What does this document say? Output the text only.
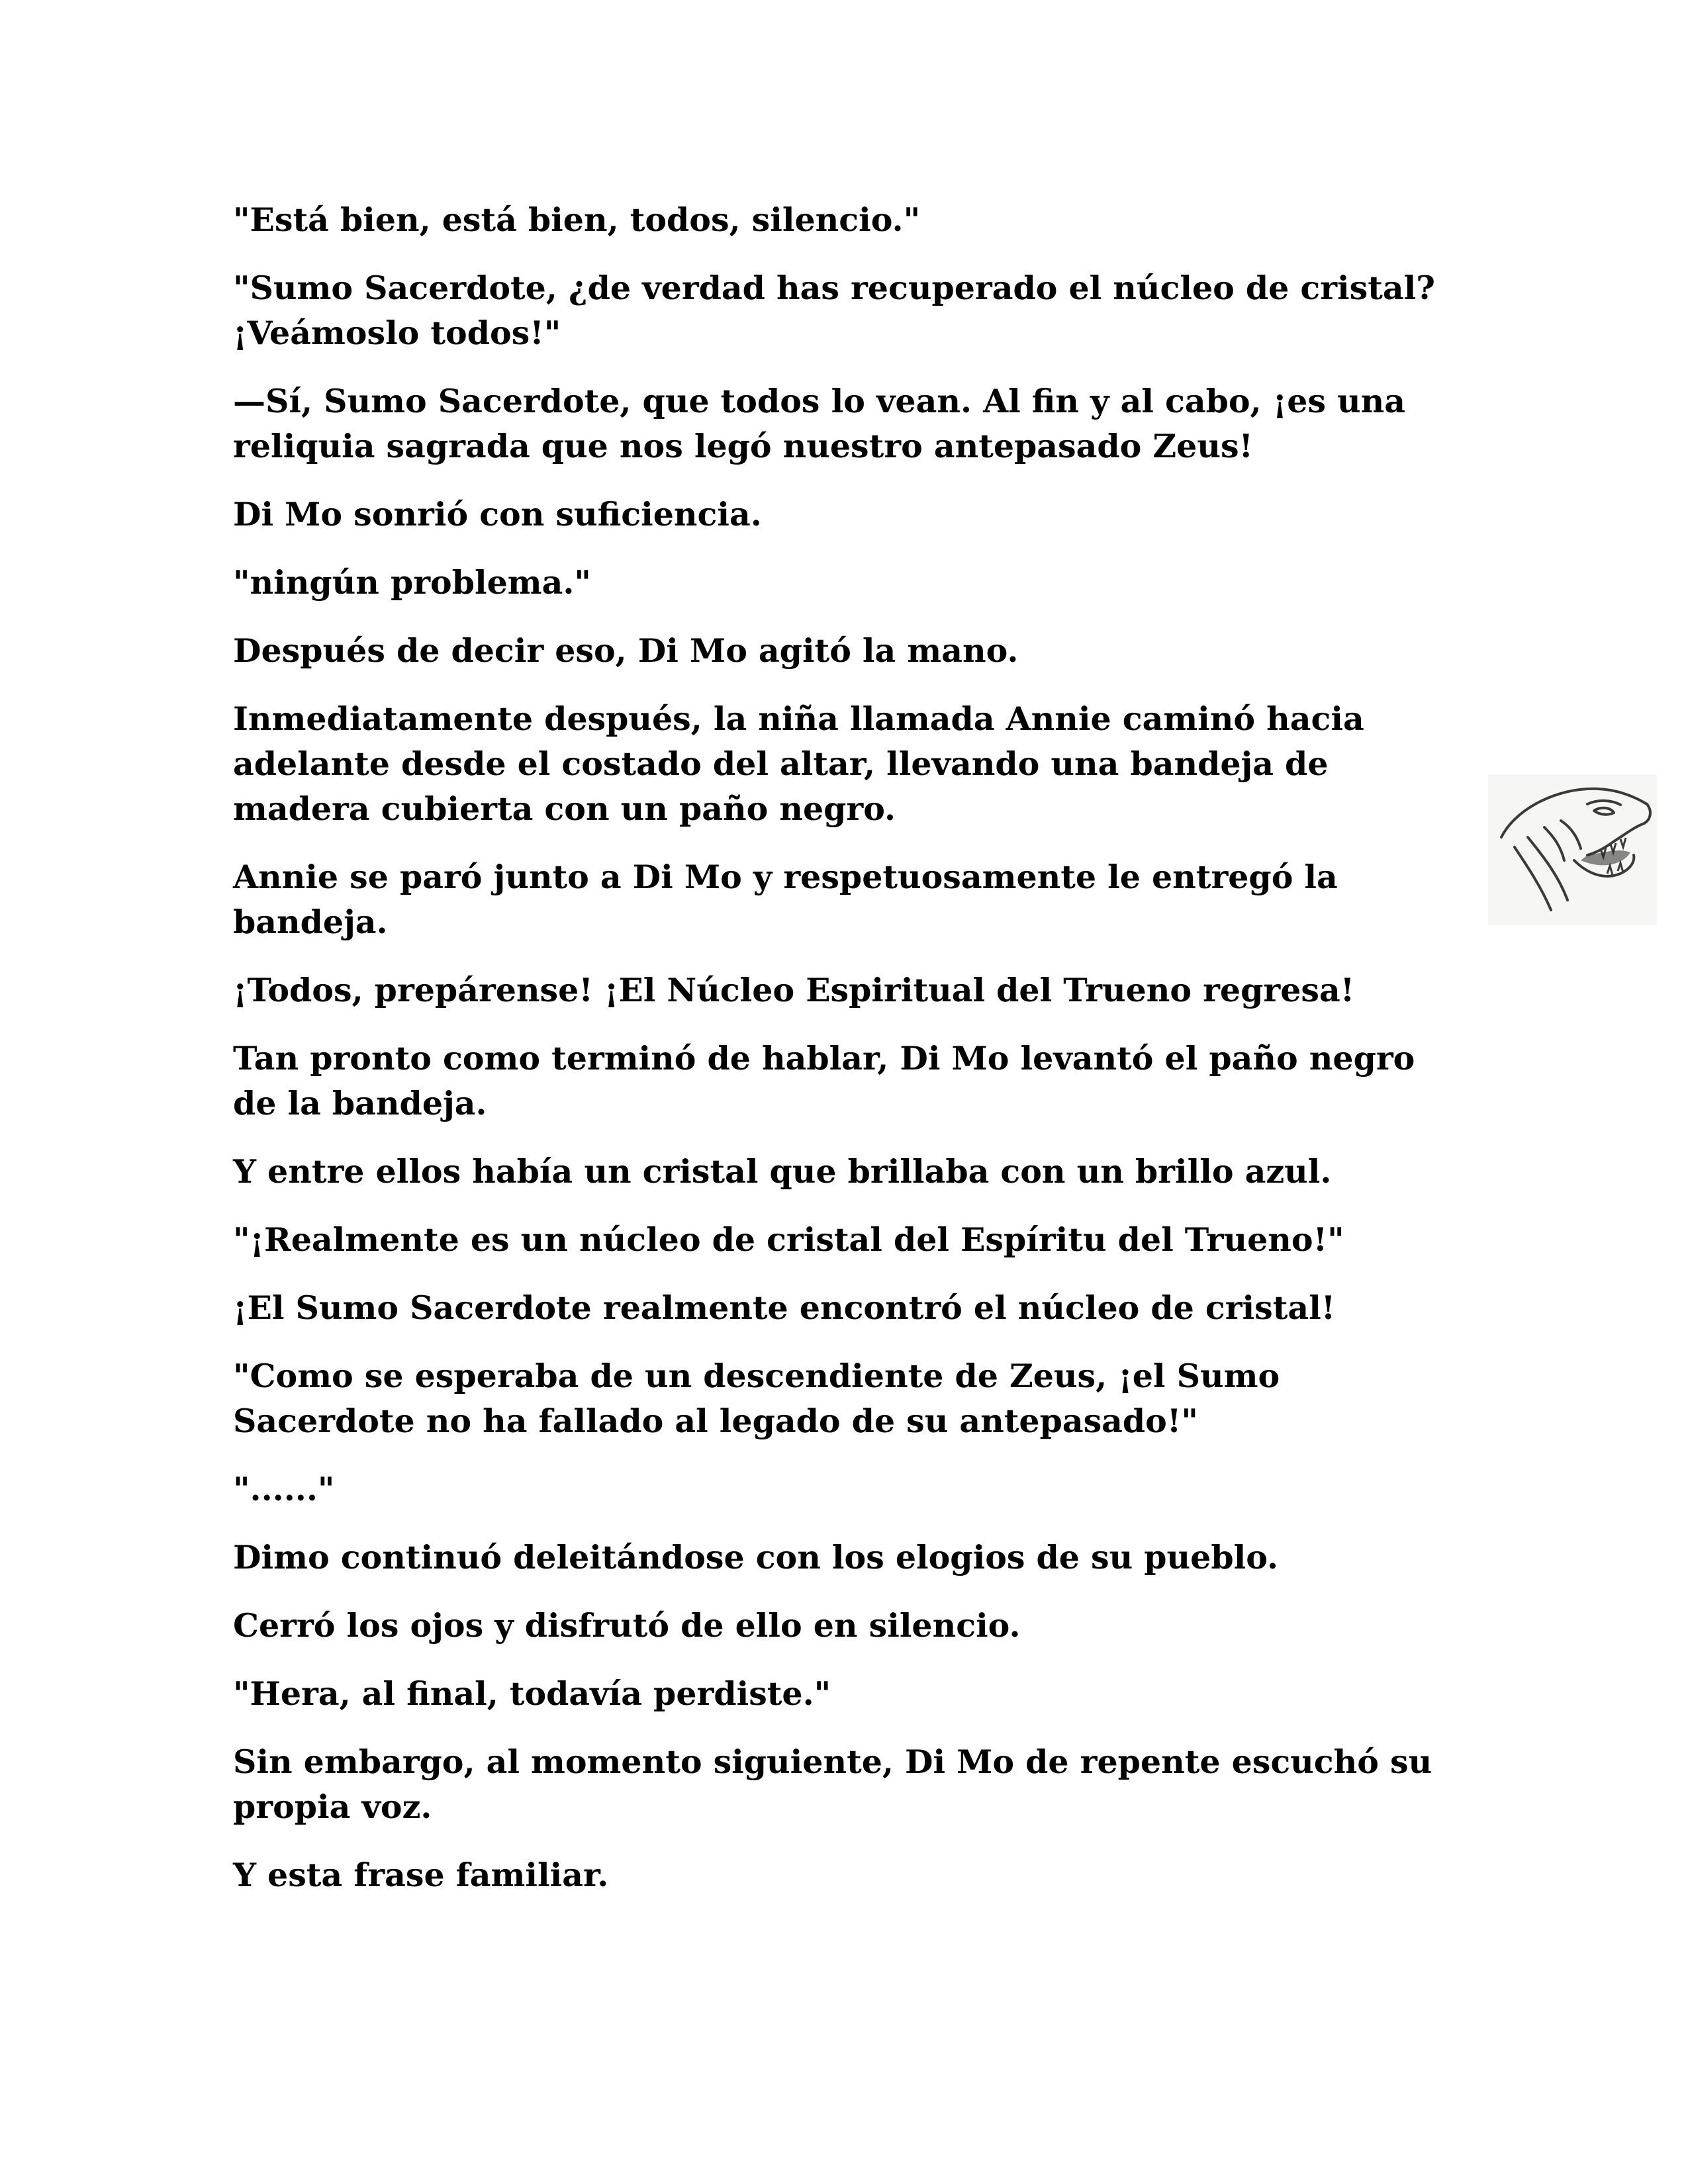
"Está bien, está bien, todos, silencio."

"Sumo Sacerdote, ¿de verdad has recuperado el núcleo de cristal? ¡Veámoslo todos!"

—Sí, Sumo Sacerdote, que todos lo vean. Al fin y al cabo, ¡es una reliquia sagrada que nos legó nuestro antepasado Zeus!

Di Mo sonrió con suficiencia.

"ningún problema."

Después de decir eso, Di Mo agitó la mano.

Inmediatamente después, la niña llamada Annie caminó hacia adelante desde el costado del altar, llevando una bandeja de madera cubierta con un paño negro.

Annie se paró junto a Di Mo y respetuosamente le entregó la bandeja.

¡Todos, prepárense! ¡El Núcleo Espiritual del Trueno regresa!

Tan pronto como terminó de hablar, Di Mo levantó el paño negro de la bandeja.

Y entre ellos había un cristal que brillaba con un brillo azul.

"¡Realmente es un núcleo de cristal del Espíritu del Trueno!"

¡El Sumo Sacerdote realmente encontró el núcleo de cristal!

"Como se esperaba de un descendiente de Zeus, ¡el Sumo Sacerdote no ha fallado al legado de su antepasado!"

"......"

Dimo continuó deleitándose con los elogios de su pueblo.

Cerró los ojos y disfrutó de ello en silencio.

"Hera, al final, todavía perdiste."

Sin embargo, al momento siguiente, Di Mo de repente escuchó su propia voz.

Y esta frase familiar.
